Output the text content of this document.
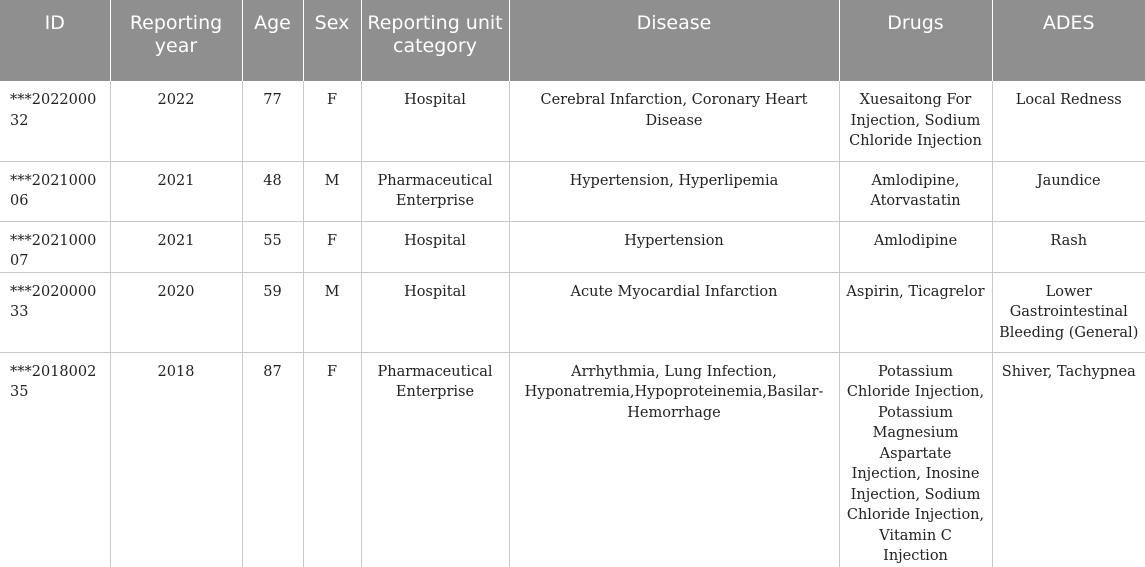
ID	Reporting year	Age	Sex	Reporting unit category	Disease	Drugs	ADES
***202200032	2022	77	F	Hospital	Cerebral Infarction, Coronary Heart Disease	Xuesaitong For Injection, Sodium Chloride Injection	Local Redness
***202100006	2021	48	M	Pharmaceutical Enterprise	Hypertension, Hyperlipemia	Amlodipine, Atorvastatin	Jaundice
***202100007	2021	55	F	Hospital	Hypertension	Amlodipine	Rash
***202000033	2020	59	M	Hospital	Acute Myocardial Infarction	Aspirin, Ticagrelor	Lower Gastrointestinal Bleeding (General)
***201800235	2018	87	F	Pharmaceutical Enterprise	Arrhythmia, Lung Infection, Hyponatremia,Hypoproteinemia,Basilar-Hemorrhage	Potassium Chloride Injection, Potassium Magnesium Aspartate Injection, Inosine Injection, Sodium Chloride Injection, Vitamin C Injection	Shiver, Tachypnea
